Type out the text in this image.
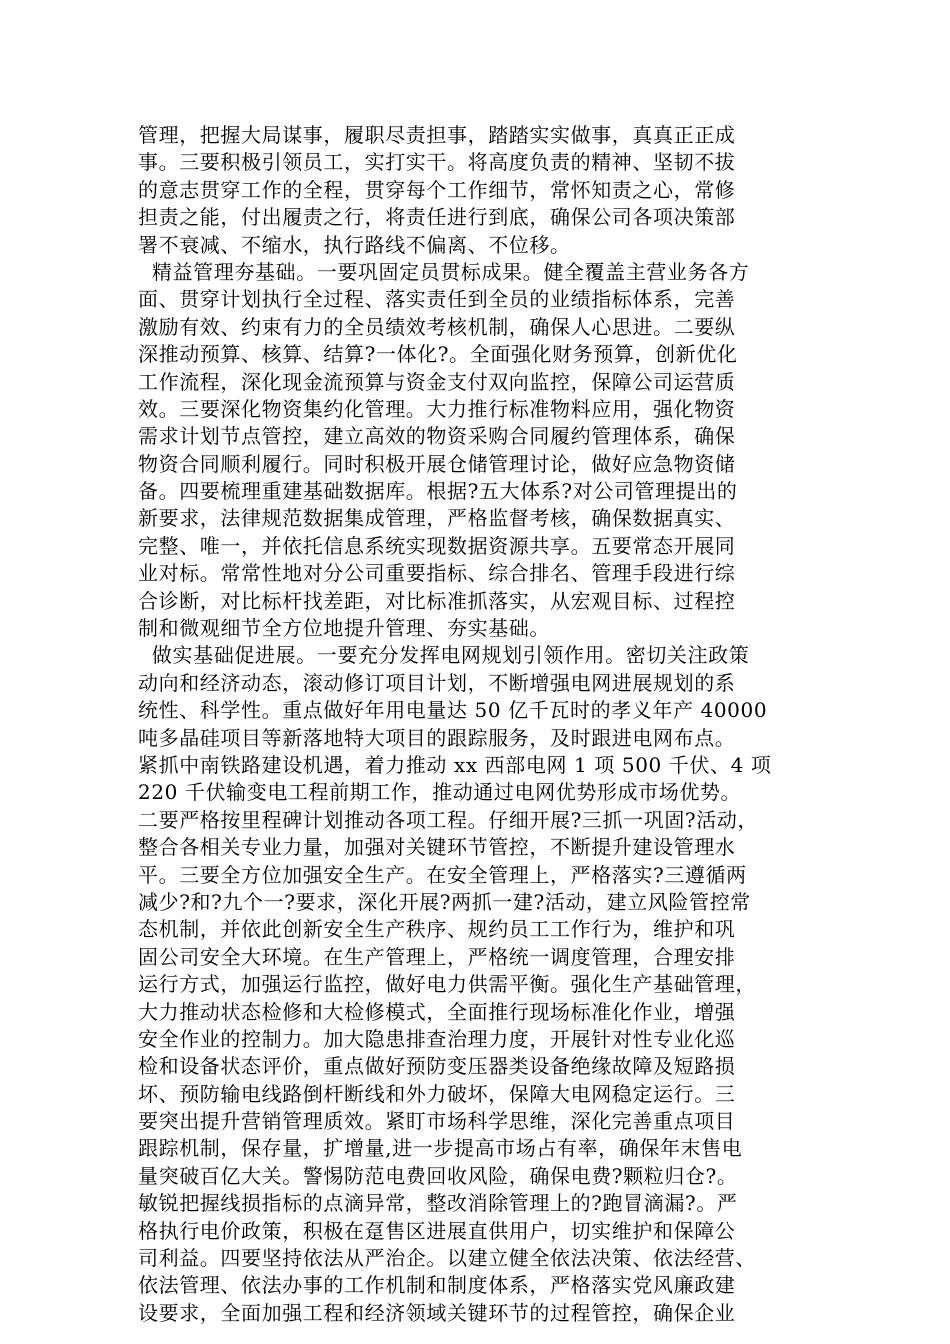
管理，把握大局谋事，履职尽责担事，踏踏实实做事，真真正正成
事。三要积极引领员工，实打实干。将高度负责的精神、坚韧不拔
的意志贯穿工作的全程，贯穿每个工作细节，常怀知责之心，常修
担责之能，付出履责之行，将责任进行到底，确保公司各项决策部
署不衰减、不缩水，执行路线不偏离、不位移。
精益管理夯基础。一要巩固定员贯标成果。健全覆盖主营业务各方
面、贯穿计划执行全过程、落实责任到全员的业绩指标体系，完善
激励有效、约束有力的全员绩效考核机制，确保人心思进。二要纵
深推动预算、核算、结算?一体化?。全面强化财务预算，创新优化
工作流程，深化现金流预算与资金支付双向监控，保障公司运营质
效。三要深化物资集约化管理。大力推行标准物料应用，强化物资
需求计划节点管控，建立高效的物资采购合同履约管理体系，确保
物资合同顺利履行。同时积极开展仓储管理讨论，做好应急物资储
备。四要梳理重建基础数据库。根据?五大体系?对公司管理提出的
新要求，法律规范数据集成管理，严格监督考核，确保数据真实、
完整、唯一，并依托信息系统实现数据资源共享。五要常态开展同
业对标。常常性地对分公司重要指标、综合排名、管理手段进行综
合诊断，对比标杆找差距，对比标准抓落实，从宏观目标、过程控
制和微观细节全方位地提升管理、夯实基础。
做实基础促进展。一要充分发挥电网规划引领作用。密切关注政策
动向和经济动态，滚动修订项目计划，不断增强电网进展规划的系
统性、科学性。重点做好年用电量达 50 亿千瓦时的孝义年产 40000
吨多晶硅项目等新落地特大项目的跟踪服务，及时跟进电网布点。
紧抓中南铁路建设机遇，着力推动 xx 西部电网 1 项 500 千伏、4 项
220 千伏输变电工程前期工作，推动通过电网优势形成市场优势。
二要严格按里程碑计划推动各项工程。仔细开展?三抓一巩固?活动，
整合各相关专业力量，加强对关键环节管控，不断提升建设管理水
平。三要全方位加强安全生产。在安全管理上，严格落实?三遵循两
减少?和?九个一?要求，深化开展?两抓一建?活动，建立风险管控常
态机制，并依此创新安全生产秩序、规约员工工作行为，维护和巩
固公司安全大环境。在生产管理上，严格统一调度管理，合理安排
运行方式，加强运行监控，做好电力供需平衡。强化生产基础管理，
大力推动状态检修和大检修模式，全面推行现场标准化作业，增强
安全作业的控制力。加大隐患排查治理力度，开展针对性专业化巡
检和设备状态评价，重点做好预防变压器类设备绝缘故障及短路损
坏、预防输电线路倒杆断线和外力破坏，保障大电网稳定运行。三
要突出提升营销管理质效。紧盯市场科学思维，深化完善重点项目
跟踪机制，保存量，扩增量,进一步提高市场占有率，确保年末售电
量突破百亿大关。警惕防范电费回收风险，确保电费?颗粒归仓?。
敏锐把握线损指标的点滴异常，整改消除管理上的?跑冒滴漏?。严
格执行电价政策，积极在趸售区进展直供用户，切实维护和保障公
司利益。四要坚持依法从严治企。以建立健全依法决策、依法经营、
依法管理、依法办事的工作机制和制度体系，严格落实党风廉政建
设要求，全面加强工程和经济领域关键环节的过程管控，确保企业
